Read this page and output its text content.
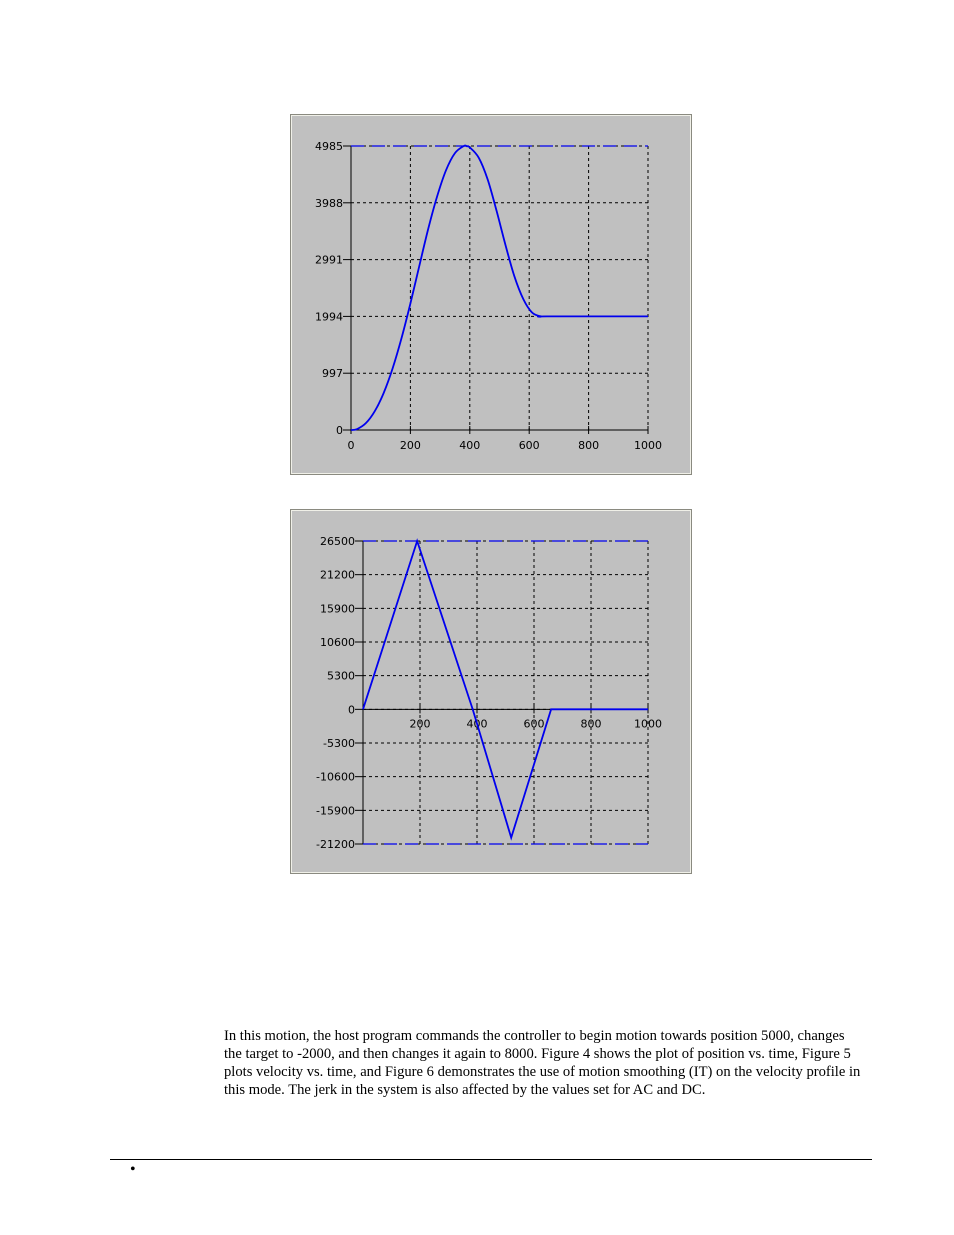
0
997
1994
2991
3988
4985
0	200	400	600	800	1000
26500
21200
15900
10600
5300
0
-5300
-10600
-15900
-21200
200	400	600	800	1000

In this motion, the host program commands the controller to begin motion towards position 5000, changes the target to -2000, and then changes it again to 8000. Figure 4 shows the plot of position vs. time, Figure 5 plots velocity vs. time, and Figure 6 demonstrates the use of motion smoothing (IT) on the velocity profile in this mode. The jerk in the system is also affected by the values set for AC and DC.

•
